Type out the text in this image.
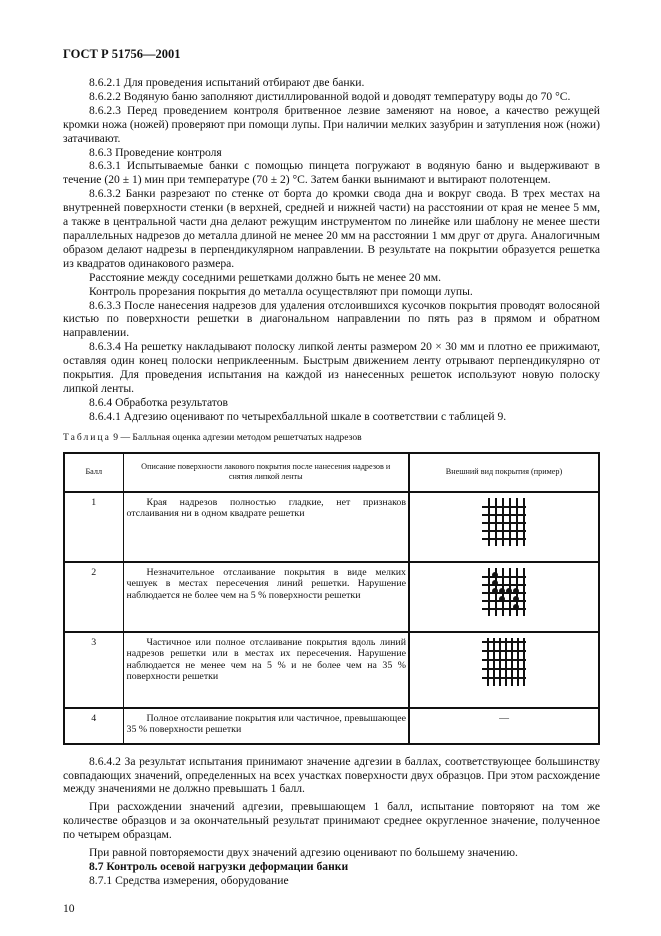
ГОСТ Р 51756—2001

8.6.2.1 Для проведения испытаний отбирают две банки.

8.6.2.2 Водяную баню заполняют дистиллированной водой и доводят температуру воды до 70 °С.

8.6.2.3 Перед проведением контроля бритвенное лезвие заменяют на новое, а качество режущей кромки ножа (ножей) проверяют при помощи лупы. При наличии мелких зазубрин и затупления нож (ножи) затачивают.

8.6.3 Проведение контроля

8.6.3.1 Испытываемые банки с помощью пинцета погружают в водяную баню и выдерживают в течение (20 ± 1) мин при температуре (70 ± 2) °С. Затем банки вынимают и вытирают полотенцем.

8.6.3.2 Банки разрезают по стенке от борта до кромки свода дна и вокруг свода. В трех местах на внутренней поверхности стенки (в верхней, средней и нижней части) на расстоянии от края не менее 5 мм, а также в центральной части дна делают режущим инструментом по линейке или шаблону не менее шести параллельных надрезов до металла длиной не менее 20 мм на расстоянии 1 мм друг от друга. Аналогичным образом делают надрезы в перпендикулярном направлении. В результате на покрытии образуется решетка из квадратов одинакового размера.

Расстояние между соседними решетками должно быть не менее 20 мм.

Контроль прорезания покрытия до металла осуществляют при помощи лупы.

8.6.3.3 После нанесения надрезов для удаления отслоившихся кусочков покрытия проводят волосяной кистью по поверхности решетки в диагональном направлении по пять раз в прямом и обратном направлении.

8.6.3.4 На решетку накладывают полоску липкой ленты размером 20 × 30 мм и плотно ее прижимают, оставляя один конец полоски неприклеенным. Быстрым движением ленту отрывают перпендикулярно от покрытия. Для проведения испытания на каждой из нанесенных решеток используют новую полоску липкой ленты.

8.6.4 Обработка результатов

8.6.4.1 Адгезию оценивают по четырехбалльной шкале в соответствии с таблицей 9.

Таблица 9 — Балльная оценка адгезии методом решетчатых надрезов
Балл	Описание поверхности лакового покрытия после нанесения надрезов и снятия липкой ленты	Внешний вид покрытия (пример)
1	Края надрезов полностью гладкие, нет признаков отслаивания ни в одном квадрате решетки	

2	Незначительное отслаивание покрытия в виде мелких чешуек в местах пересечения линий решетки. Нарушение наблюдается не более чем на 5 % поверхности решетки	

3	Частичное или полное отслаивание покрытия вдоль линий надрезов решетки или в местах их пересечения. Нарушение наблюдается не менее чем на 5 % и не более чем на 35 % поверхности решетки	

4	Полное отслаивание покрытия или частичное, превышающее 35 % поверхности решетки	—

8.6.4.2 За результат испытания принимают значение адгезии в баллах, соответствующее большинству совпадающих значений, определенных на всех участках поверхности двух образцов. При этом расхождение между значениями не должно превышать 1 балл.

При расхождении значений адгезии, превышающем 1 балл, испытание повторяют на том же количестве образцов и за окончательный результат принимают среднее округленное значение, полученное по четырем образцам.

При равной повторяемости двух значений адгезию оценивают по большему значению.

8.7 Контроль осевой нагрузки деформации банки

8.7.1 Средства измерения, оборудование

10
